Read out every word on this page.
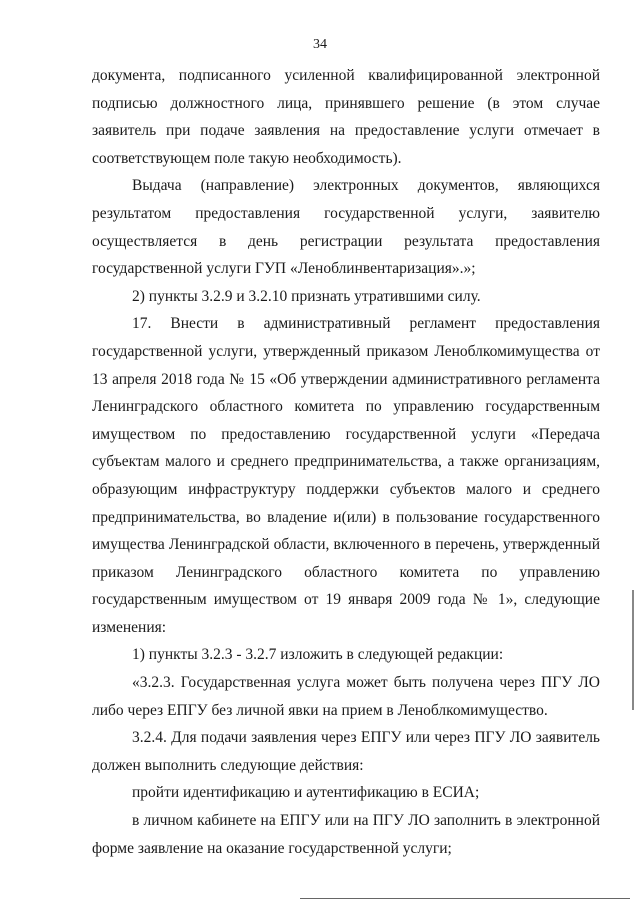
34

документа, подписанного усиленной квалифицированной электронной подписью должностного лица, принявшего решение (в этом случае заявитель при подаче заявления на предоставление услуги отмечает в соответствующем поле такую необходимость).

Выдача (направление) электронных документов, являющихся результатом предоставления государственной услуги, заявителю осуществляется в день регистрации результата предоставления государственной услуги ГУП «Леноблинвентаризация».»;

2) пункты 3.2.9 и 3.2.10 признать утратившими силу.

17. Внести в административный регламент предоставления государственной услуги, утвержденный приказом Леноблкомимущества от 13 апреля 2018 года № 15 «Об утверждении административного регламента Ленинградского областного комитета по управлению государственным имуществом по предоставлению государственной услуги «Передача субъектам малого и среднего предпринимательства, а также организациям, образующим инфраструктуру поддержки субъектов малого и среднего предпринимательства, во владение и(или) в пользование государственного имущества Ленинградской области, включенного в перечень, утвержденный приказом Ленинградского областного комитета по управлению государственным имуществом от 19 января 2009 года № 1», следующие изменения:

1) пункты 3.2.3 - 3.2.7 изложить в следующей редакции:

«3.2.3. Государственная услуга может быть получена через ПГУ ЛО либо через ЕПГУ без личной явки на прием в Леноблкомимущество.

3.2.4. Для подачи заявления через ЕПГУ или через ПГУ ЛО заявитель должен выполнить следующие действия:

пройти идентификацию и аутентификацию в ЕСИА;

в личном кабинете на ЕПГУ или на ПГУ ЛО заполнить в электронной форме заявление на оказание государственной услуги;
